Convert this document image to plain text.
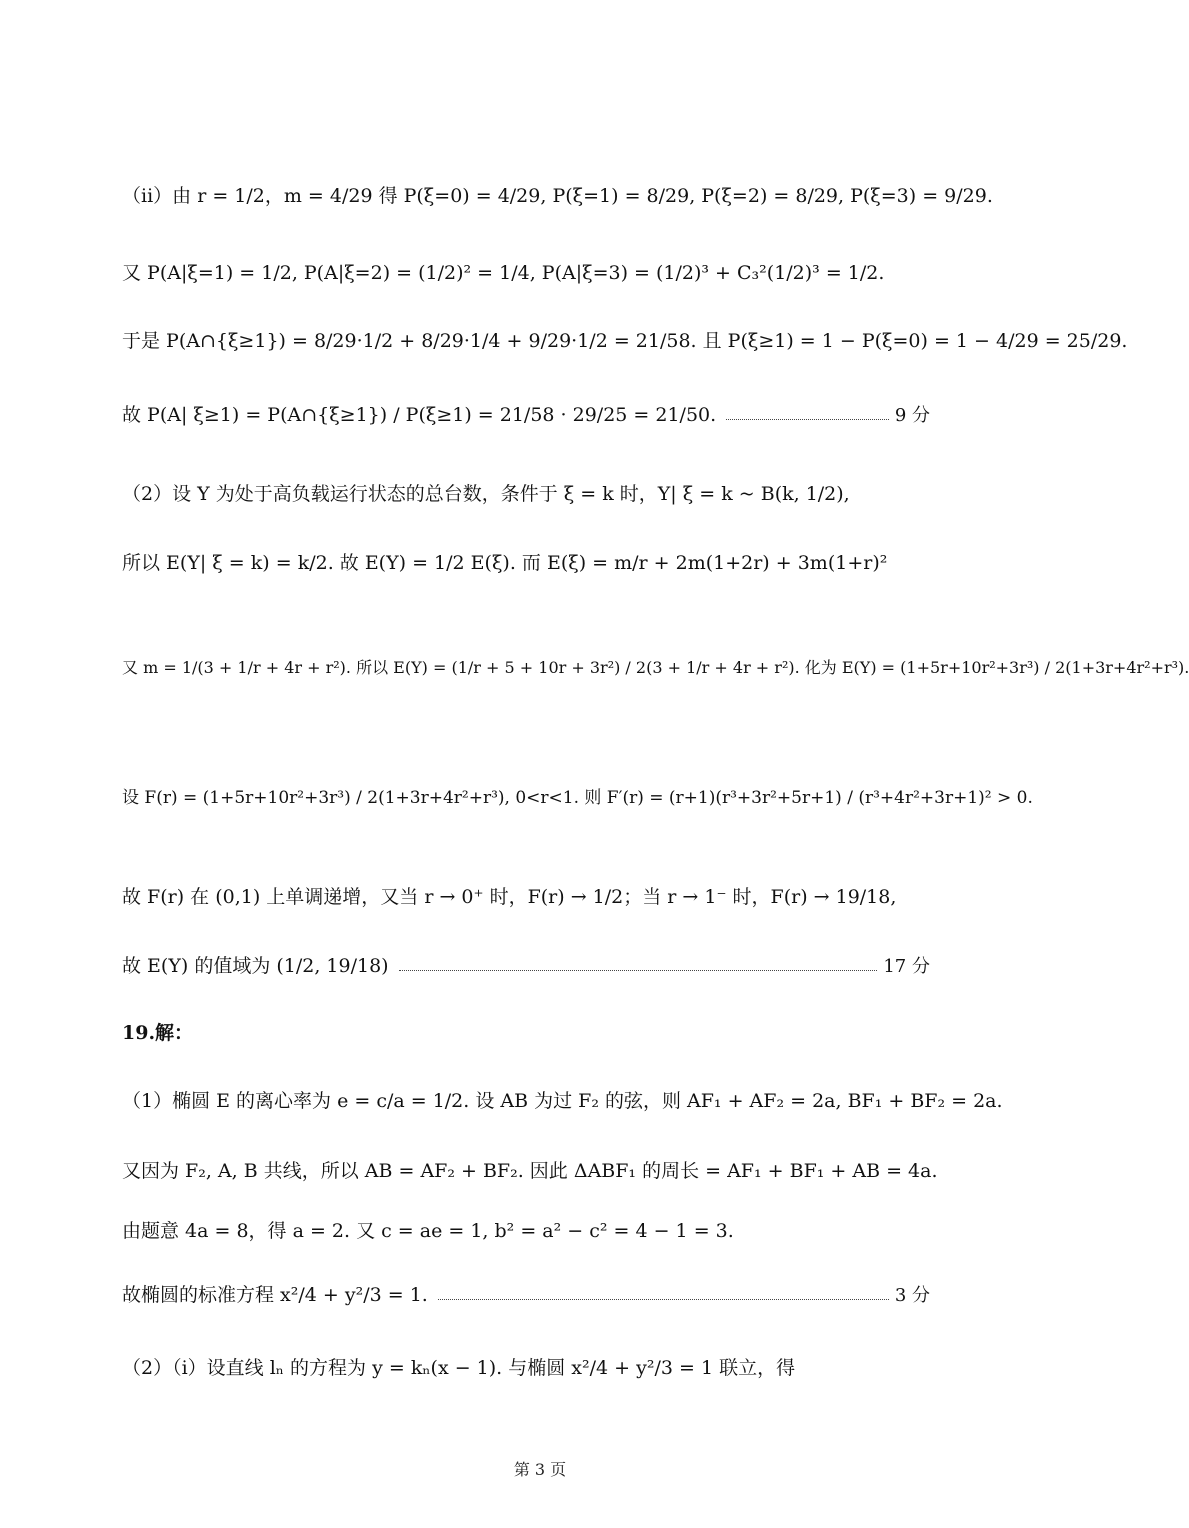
（ii）由 r = 1/2，m = 4/29 得 P(ξ=0) = 4/29, P(ξ=1) = 8/29, P(ξ=2) = 8/29, P(ξ=3) = 9/29.
又 P(A|ξ=1) = 1/2, P(A|ξ=2) = (1/2)² = 1/4, P(A|ξ=3) = (1/2)³ + C₃²(1/2)³ = 1/2.
于是 P(A∩{ξ≥1}) = 8/29·1/2 + 8/29·1/4 + 9/29·1/2 = 21/58. 且 P(ξ≥1) = 1 − P(ξ=0) = 1 − 4/29 = 25/29.
故 P(A| ξ≥1) = P(A∩{ξ≥1}) / P(ξ≥1) = 21/58 · 29/25 = 21/50.	9 分
（2）设 Y 为处于高负载运行状态的总台数，条件于 ξ = k 时，Y| ξ = k ~ B(k, 1/2),
所以 E(Y| ξ = k) = k/2. 故 E(Y) = 1/2 E(ξ). 而 E(ξ) = m/r + 2m(1+2r) + 3m(1+r)²
又 m = 1/(3 + 1/r + 4r + r²). 所以 E(Y) = (1/r + 5 + 10r + 3r²) / 2(3 + 1/r + 4r + r²). 化为 E(Y) = (1+5r+10r²+3r³) / 2(1+3r+4r²+r³).
设 F(r) = (1+5r+10r²+3r³) / 2(1+3r+4r²+r³), 0<r<1. 则 F′(r) = (r+1)(r³+3r²+5r+1) / (r³+4r²+3r+1)² > 0.
故 F(r) 在 (0,1) 上单调递增，又当 r → 0⁺ 时，F(r) → 1/2；当 r → 1⁻ 时，F(r) → 19/18,
故 E(Y) 的值域为 (1/2, 19/18)	17 分
19.解：
（1）椭圆 E 的离心率为 e = c/a = 1/2. 设 AB 为过 F₂ 的弦，则 AF₁ + AF₂ = 2a, BF₁ + BF₂ = 2a.
又因为 F₂, A, B 共线，所以 AB = AF₂ + BF₂. 因此 ΔABF₁ 的周长 = AF₁ + BF₁ + AB = 4a.
由题意 4a = 8，得 a = 2. 又 c = ae = 1, b² = a² − c² = 4 − 1 = 3.
故椭圆的标准方程 x²/4 + y²/3 = 1.	3 分
（2）（i）设直线 lₙ 的方程为 y = kₙ(x − 1). 与椭圆 x²/4 + y²/3 = 1 联立，得
第 3 页
